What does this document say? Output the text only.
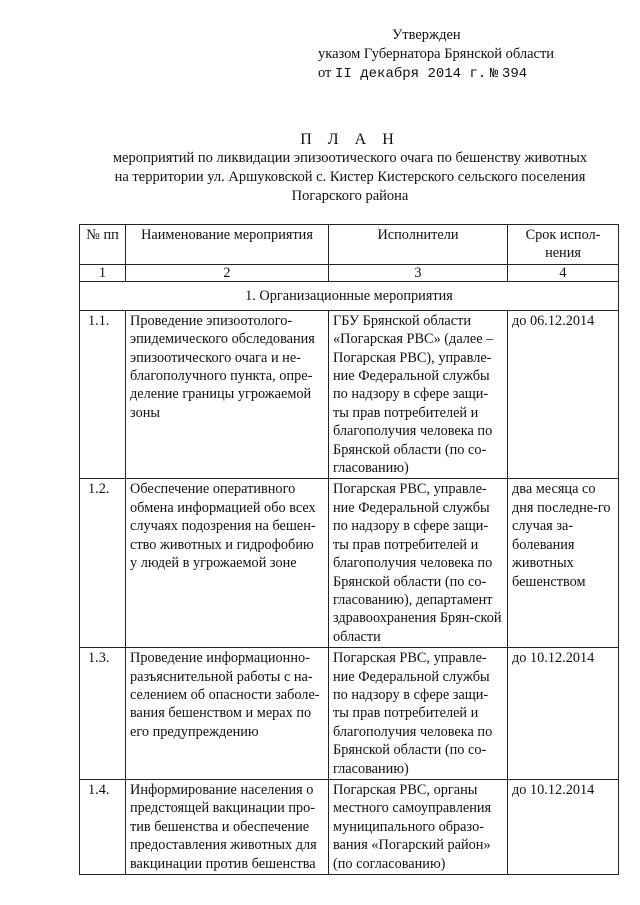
Утвержден
указом Губернатора Брянской области
от II декабря 2014 г. № 394
П Л А Н
мероприятий по ликвидации эпизоотического очага по бешенству животных
на территории ул. Аршуковской с. Кистер Кистерского сельского поселения
Погарского района
№ пп	Наименование мероприятия	Исполнители	Срок испол-нения
1	2	3	4
1. Организационные мероприятия			
1.1.	Проведение эпизоотолого-эпидемического обследования эпизоотического очага и не-благополучного пункта, опре-деление границы угрожаемой зоны	ГБУ Брянской области «Погарская РВС» (далее – Погарская РВС), управле-ние Федеральной службы по надзору в сфере защи-ты прав потребителей и благополучия человека по Брянской области (по со-гласованию)	до 06.12.2014
1.2.	Обеспечение оперативного обмена информацией обо всех случаях подозрения на бешен-ство животных и гидрофобию у людей в угрожаемой зоне	Погарская РВС, управле-ние Федеральной службы по надзору в сфере защи-ты прав потребителей и благополучия человека по Брянской области (по со-гласованию), департамент здравоохранения Брян-ской области	два месяца со дня последне-го случая за-болевания животных бешенством
1.3.	Проведение информационно-разъяснительной работы с на-селением об опасности заболе-вания бешенством и мерах по его предупреждению	Погарская РВС, управле-ние Федеральной службы по надзору в сфере защи-ты прав потребителей и благополучия человека по Брянской области (по со-гласованию)	до 10.12.2014
1.4.	Информирование населения о предстоящей вакцинации про-тив бешенства и обеспечение предоставления животных для вакцинации против бешенства	Погарская РВС, органы местного самоуправления муниципального образо-вания «Погарский район» (по согласованию)	до 10.12.2014
